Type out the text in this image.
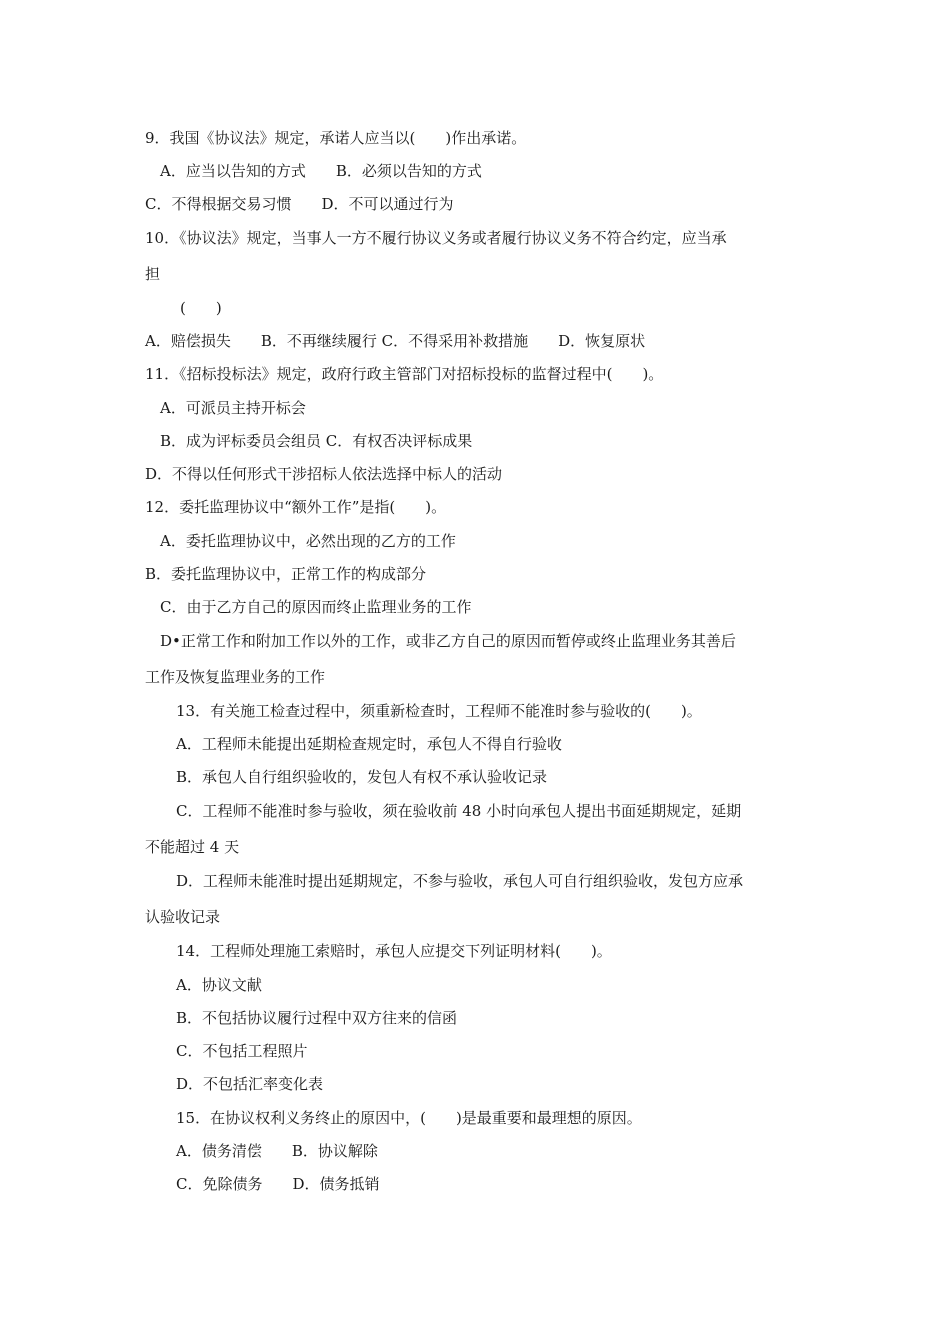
9．我国《协议法》规定，承诺人应当以(　　)作出承诺。
A．应当以告知的方式　　B．必须以告知的方式
C．不得根据交易习惯　　D．不可以通过行为
10．《协议法》规定，当事人一方不履行协议义务或者履行协议义务不符合约定，应当承
担
(　　)
A．赔偿损失　　B．不再继续履行 C．不得采用补救措施　　D．恢复原状
11．《招标投标法》规定，政府行政主管部门对招标投标的监督过程中(　　)。
A．可派员主持开标会
B．成为评标委员会组员 C．有权否决评标成果
D．不得以任何形式干涉招标人依法选择中标人的活动
12．委托监理协议中“额外工作”是指(　　)。
A．委托监理协议中，必然出现的乙方的工作
B．委托监理协议中，正常工作的构成部分
C．由于乙方自己的原因而终止监理业务的工作
D•正常工作和附加工作以外的工作，或非乙方自己的原因而暂停或终止监理业务其善后
工作及恢复监理业务的工作
13．有关施工检查过程中，须重新检查时，工程师不能准时参与验收的(　　)。
A．工程师未能提出延期检查规定时，承包人不得自行验收
B．承包人自行组织验收的，发包人有权不承认验收记录
C．工程师不能准时参与验收，须在验收前 48 小时向承包人提出书面延期规定，延期
不能超过 4 天
D．工程师未能准时提出延期规定，不参与验收，承包人可自行组织验收，发包方应承
认验收记录
14．工程师处理施工索赔时，承包人应提交下列证明材料(　　)。
A．协议文献
B．不包括协议履行过程中双方往来的信函
C．不包括工程照片
D．不包括汇率变化表
15．在协议权利义务终止的原因中，(　　)是最重要和最理想的原因。
A．债务清偿　　B．协议解除
C．免除债务　　D．债务抵销
